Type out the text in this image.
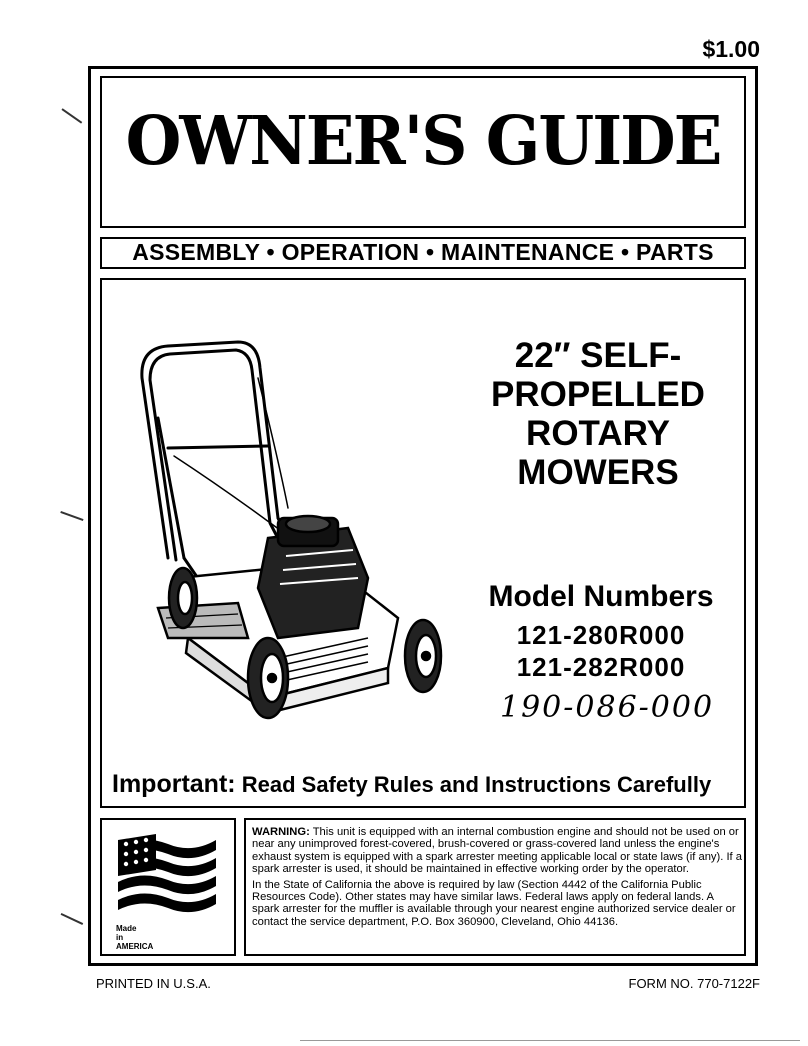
$1.00
OWNER'S GUIDE
ASSEMBLY • OPERATION • MAINTENANCE • PARTS
22″ SELF-
PROPELLED
ROTARY
MOWERS
Model Numbers
121-280R000
121-282R000
190-086-000
Important: Read Safety Rules and Instructions Carefully
Made
in
AMERICA

WARNING: This unit is equipped with an internal combustion engine and should not be used on or near any unimproved forest-covered, brush-covered or grass-covered land unless the engine's exhaust system is equipped with a spark arrester meeting applicable local or state laws (if any). If a spark arrester is used, it should be maintained in effective working order by the operator.

In the State of California the above is required by law (Section 4442 of the California Public Resources Code). Other states may have similar laws. Federal laws apply on federal lands. A spark arrester for the muffler is available through your nearest engine authorized service dealer or contact the service department, P.O. Box 360900, Cleveland, Ohio 44136.

PRINTED IN U.S.A.	FORM NO. 770-7122F
